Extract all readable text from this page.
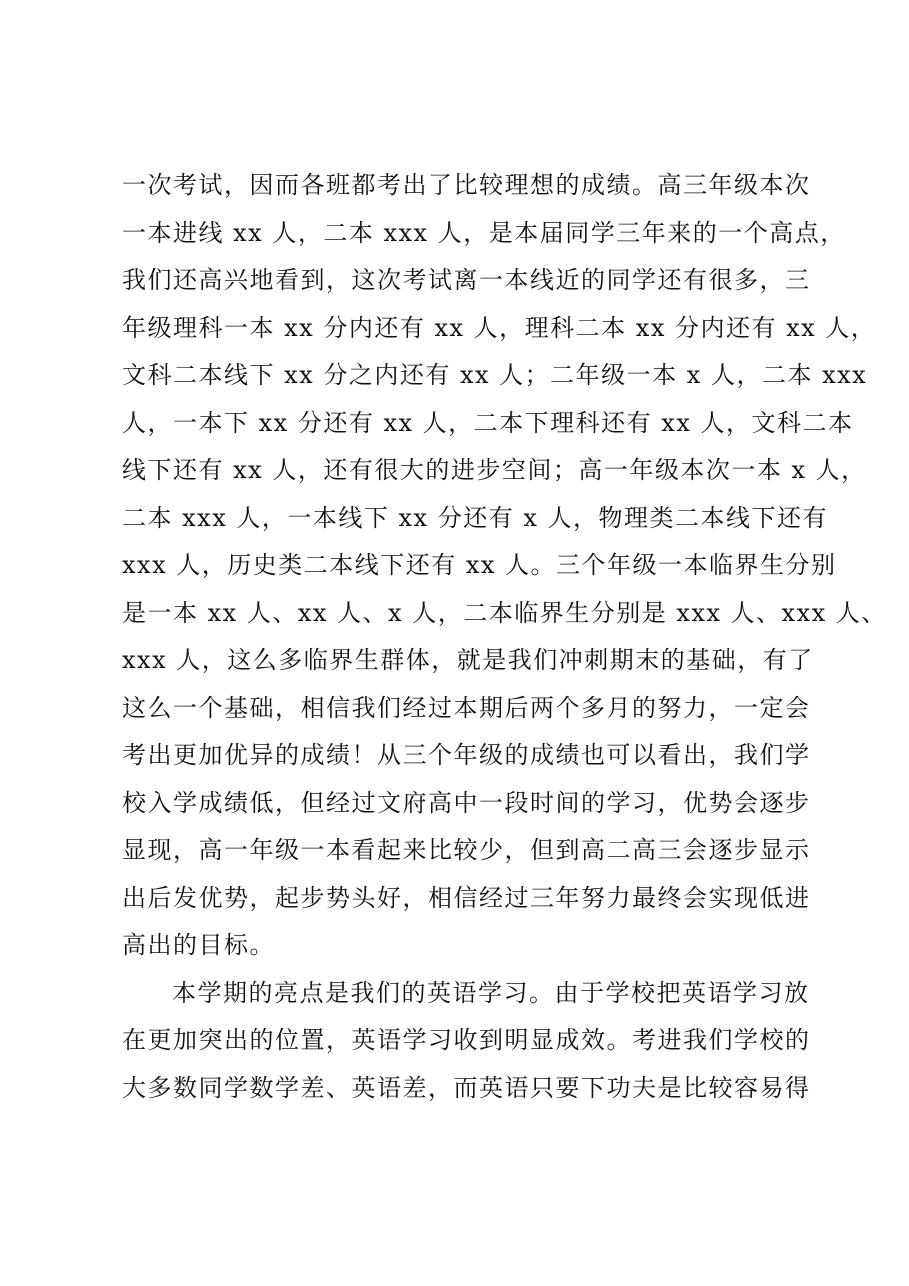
一次考试，因而各班都考出了比较理想的成绩。高三年级本次
一本进线 xx 人，二本 xxx 人，是本届同学三年来的一个高点，
我们还高兴地看到，这次考试离一本线近的同学还有很多，三
年级理科一本 xx 分内还有 xx 人，理科二本 xx 分内还有 xx 人，
文科二本线下 xx 分之内还有 xx 人；二年级一本 x 人，二本 xxx
人，一本下 xx 分还有 xx 人，二本下理科还有 xx 人，文科二本
线下还有 xx 人，还有很大的进步空间；高一年级本次一本 x 人，
二本 xxx 人，一本线下 xx 分还有 x 人，物理类二本线下还有
xxx 人，历史类二本线下还有 xx 人。三个年级一本临界生分别
是一本 xx 人、xx 人、x 人，二本临界生分别是 xxx 人、xxx 人、
xxx 人，这么多临界生群体，就是我们冲刺期末的基础，有了
这么一个基础，相信我们经过本期后两个多月的努力，一定会
考出更加优异的成绩！从三个年级的成绩也可以看出，我们学
校入学成绩低，但经过文府高中一段时间的学习，优势会逐步
显现，高一年级一本看起来比较少，但到高二高三会逐步显示
出后发优势，起步势头好，相信经过三年努力最终会实现低进
高出的目标。
本学期的亮点是我们的英语学习。由于学校把英语学习放
在更加突出的位置，英语学习收到明显成效。考进我们学校的
大多数同学数学差、英语差，而英语只要下功夫是比较容易得
